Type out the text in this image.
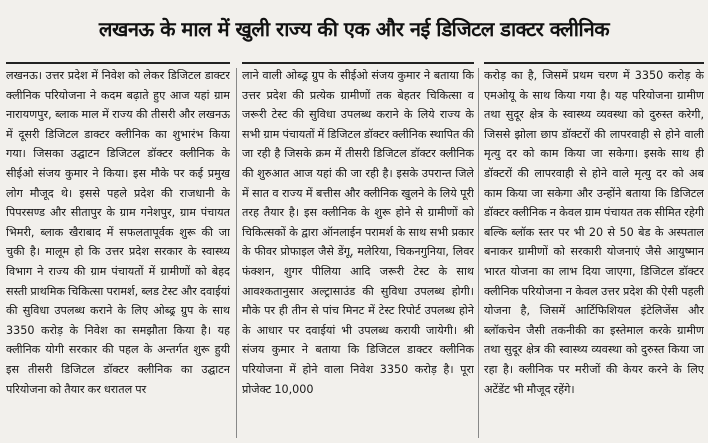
लखनऊ के माल में खुली राज्य की एक और नई डिजिटल डाक्टर क्लीनिक

लखनऊ। उत्तर प्रदेश में निवेश को लेकर डिजिटल डाक्टर क्लीनिक परियोजना ने कदम बढ़ाते हुए आज यहां ग्राम नारायणपुर, ब्लाक माल में राज्य की तीसरी और लखनऊ में दूसरी डिजिटल डाक्टर क्लीनिक का शुभारंभ किया गया। जिसका उद्घाटन डिजिटल डॉक्टर क्लीनिक के सीईओ संजय कुमार ने किया। इस मौके पर कई प्रमुख लोग मौजूद थे। इससे पहले प्रदेश की राजधानी के पिपरसण्ड और सीतापुर के ग्राम गनेशपुर, ग्राम पंचायत भिमरी, ब्लाक खैराबाद में सफलतापूर्वक शुरू की जा चुकी है। मालूम हो कि उत्तर प्रदेश सरकार के स्वास्थ्य विभाग ने राज्य की ग्राम पंचायतों में ग्रामीणों को बेहद सस्ती प्राथमिक चिकित्सा परामर्श, ब्लड टेस्ट और दवाईयां की सुविधा उपलब्ध कराने के लिए ओब्ढ्र ग्रुप के साथ 3350 करोड़ के निवेश का समझौता किया है। यह क्लीनिक योगी सरकार की पहल के अन्तर्गत शुरू हुयी इस तीसरी डिजिटल डॉक्टर क्लीनिक का उद्घाटन परियोजना को तैयार कर धरातल पर

लाने वाली ओब्ढ्र ग्रुप के सीईओ संजय कुमार ने बताया कि उत्तर प्रदेश की प्रत्येक ग्रामीणों तक बेहतर चिकित्सा व जरूरी टेस्ट की सुविधा उपलब्ध कराने के लिये राज्य के सभी ग्राम पंचायतों में डिजिटल डॉक्टर क्लीनिक स्थापित की जा रही है जिसके क्रम में तीसरी डिजिटल डॉक्टर क्लीनिक की शुरुआत आज यहां की जा रही है। इसके उपरान्त जिले में सात व राज्य में बत्तीस और क्लीनिक खुलने के लिये पूरी तरह तैयार है। इस क्लीनिक के शुरू होने से ग्रामीणों को चिकित्सकों के द्वारा ऑनलाईन परामर्श के साथ सभी प्रकार के फीवर प्रोफाइल जैसे डेंगू, मलेरिया, चिकनगुनिया, लिवर फंक्शन, शुगर पीलिया आदि जरूरी टेस्ट के साथ आवश्कतानुसार अल्ट्रासाउंड की सुविधा उपलब्ध होगी। मौके पर ही तीन से पांच मिनट में टेस्ट रिपोर्ट उपलब्ध होने के आधार पर दवाईयां भी उपलब्ध करायी जायेगी। श्री संजय कुमार ने बताया कि डिजिटल डाक्टर क्लीनिक परियोजना में होने वाला निवेश 3350 करोड़ है। पूरा प्रोजेक्ट 10,000

करोड़ का है, जिसमें प्रथम चरण में 3350 करोड़ के एमओयू के साथ किया गया है। यह परियोजना ग्रामीण तथा सुदूर क्षेत्र के स्वास्थ्य व्यवस्था को दुरुस्त करेगी, जिससे झोला छाप डॉक्टरों की लापरवाही से होने वाली मृत्यु दर को काम किया जा सकेगा। इसके साथ ही डॉक्टरों की लापरवाही से होने वाले मृत्यु दर को अब काम किया जा सकेगा और उन्होंने बताया कि डिजिटल डॉक्टर क्लीनिक न केवल ग्राम पंचायत तक सीमित रहेगी बल्कि ब्लॉक स्तर पर भी 20 से 50 बेड के अस्पताल बनाकर ग्रामीणों को सरकारी योजनाएं जैसे आयुष्मान भारत योजना का लाभ दिया जाएगा, डिजिटल डॉक्टर क्लीनिक परियोजना न केवल उत्तर प्रदेश की ऐसी पहली योजना है, जिसमें आर्टिफिशियल इंटेलिजेंस और ब्लॉकचेन जैसी तकनीकी का इस्तेमाल करके ग्रामीण तथा सुदूर क्षेत्र की स्वास्थ्य व्यवस्था को दुरुस्त किया जा रहा है। क्लीनिक पर मरीजों की केयर करने के लिए अटेंडेंट भी मौजूद रहेंगे।
